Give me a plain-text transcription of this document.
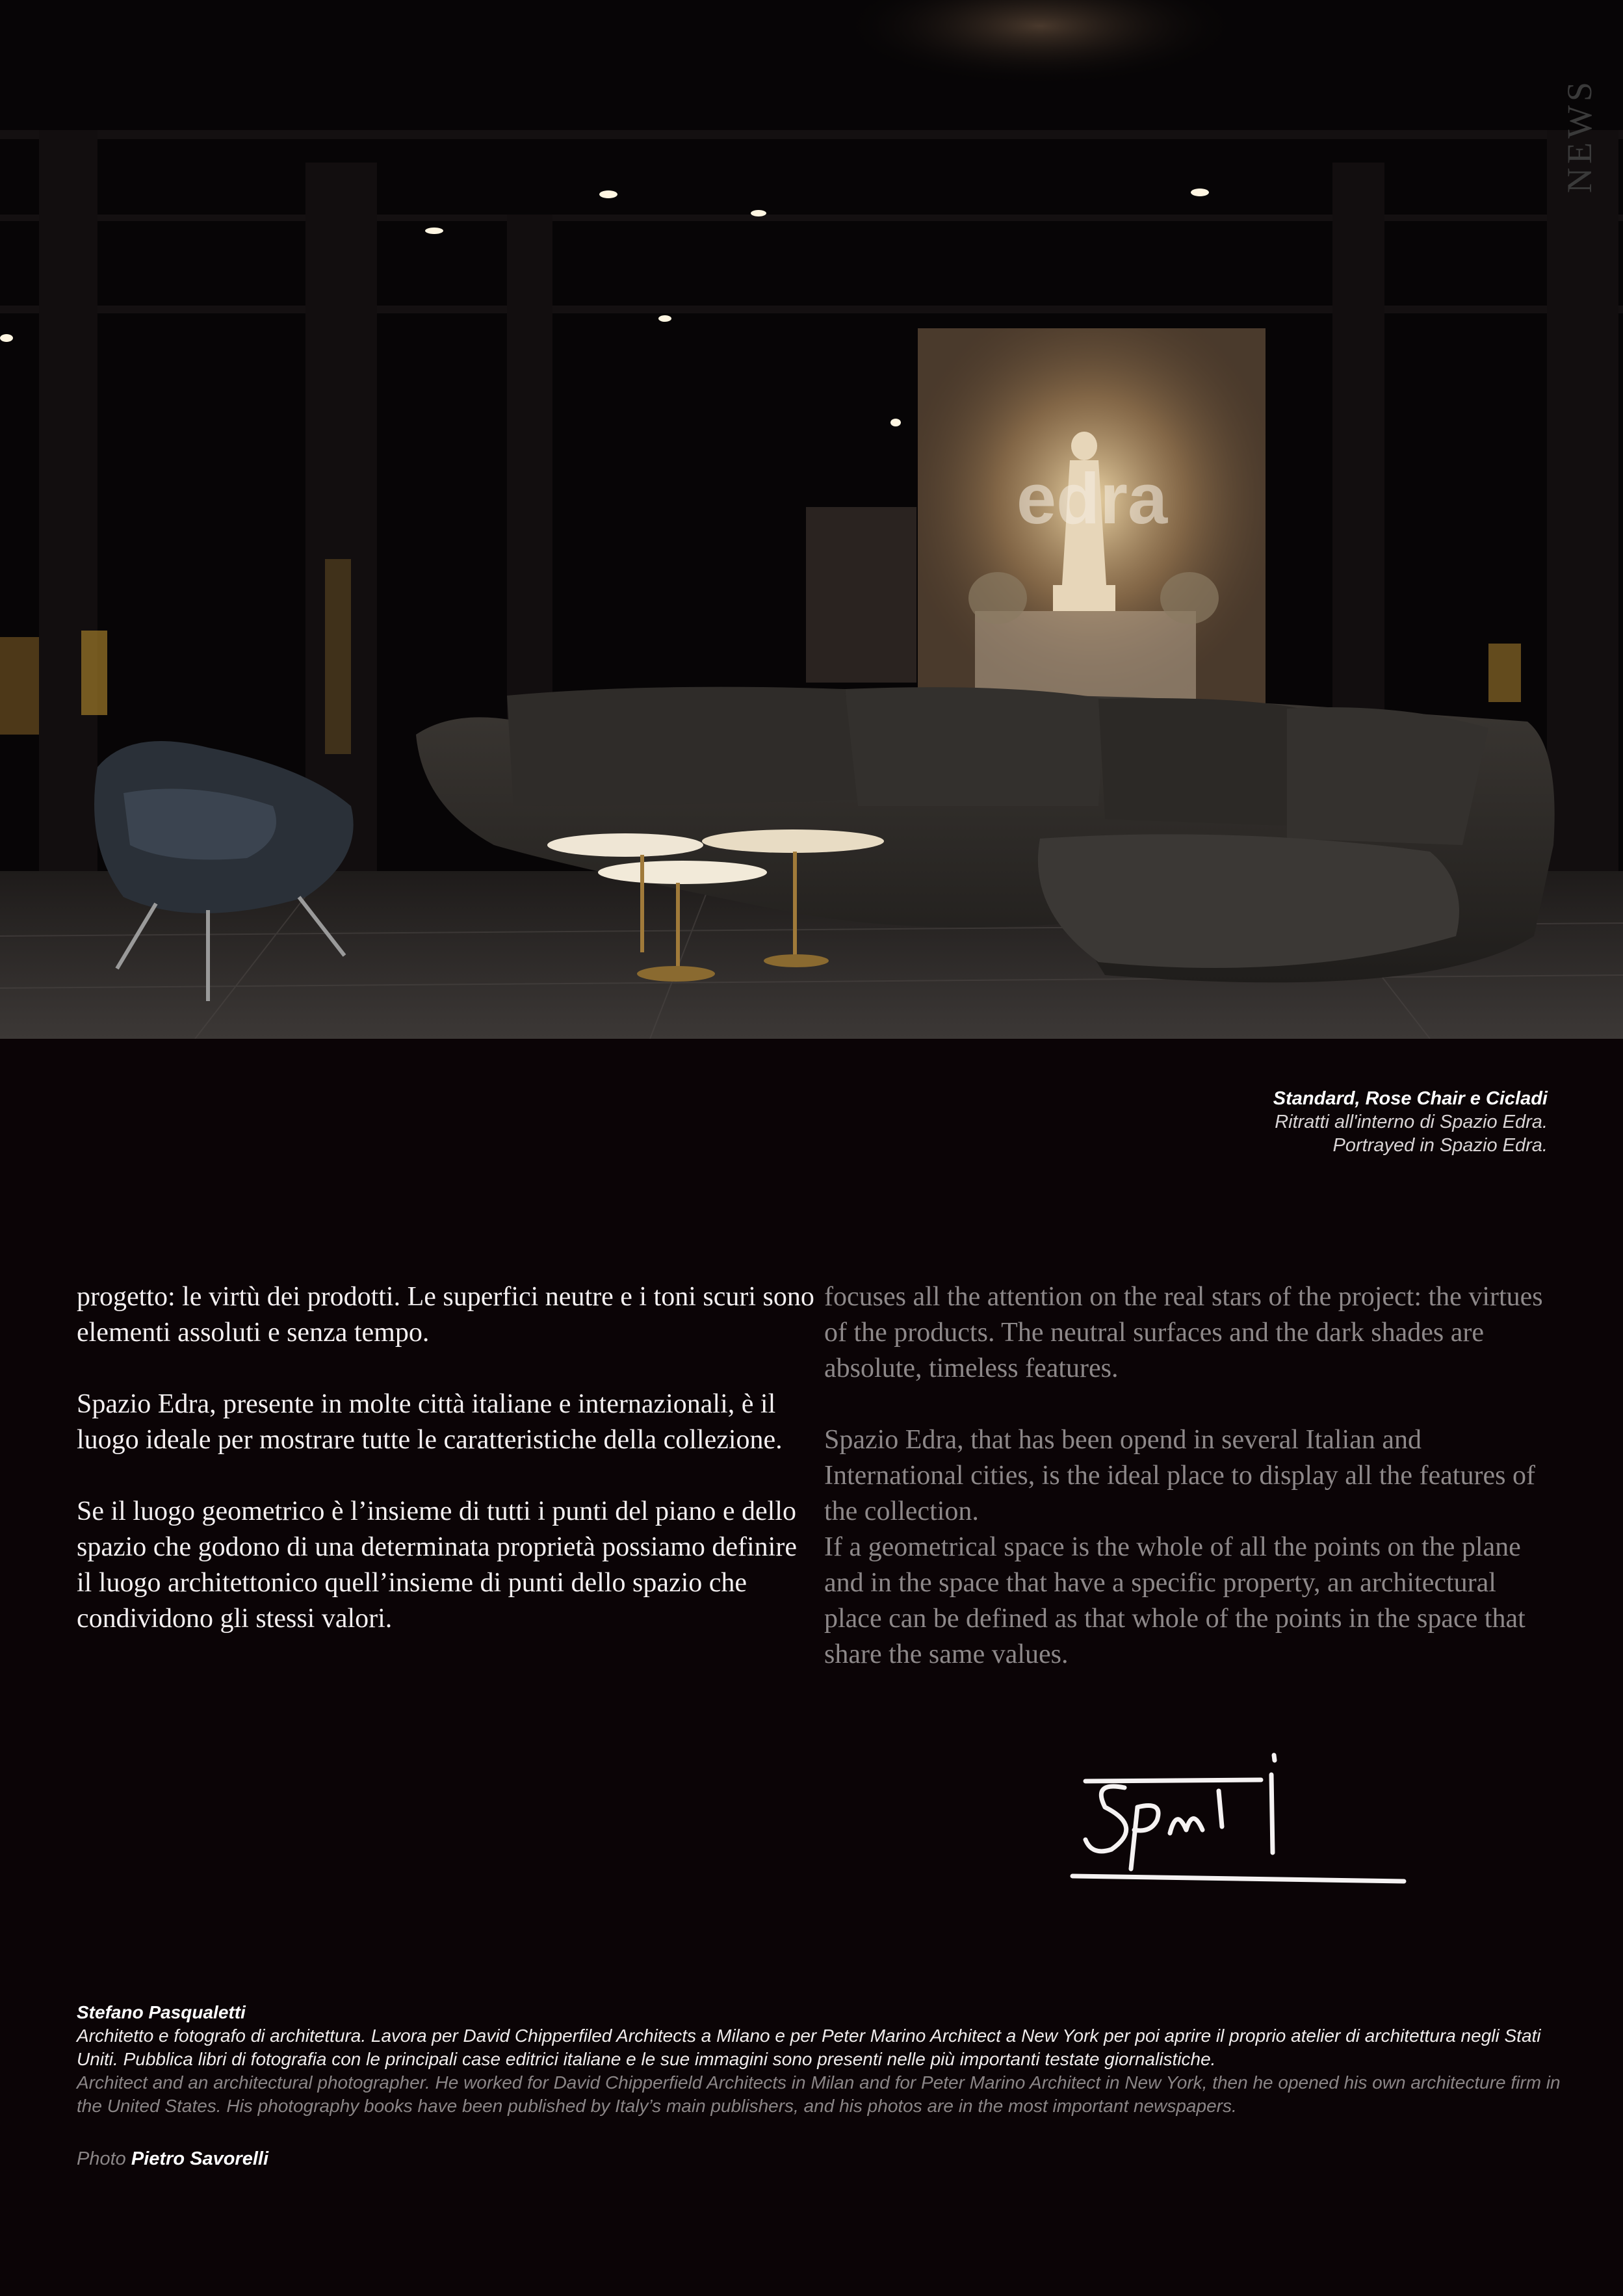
edra
NEWS
Standard, Rose Chair e Cicladi
Ritratti all'interno di Spazio Edra.
Portrayed in Spazio Edra.

progetto: le virtù dei prodotti. Le superfici neutre e i toni scuri sono elementi assoluti e senza tempo.

Spazio Edra, presente in molte città italiane e internazionali, è il luogo ideale per mostrare tutte le caratteristiche della collezione.

Se il luogo geometrico è l’insieme di tutti i punti del piano e dello spazio che godono di una determinata proprietà possiamo definire il luogo architettonico quell’insieme di punti dello spazio che condividono gli stessi valori.

focuses all the attention on the real stars of the project: the virtues of the products. The neutral surfaces and the dark shades are absolute, timeless features.

Spazio Edra, that has been opend in several Italian and International cities, is the ideal place to display all the features of the collection.

If a geometrical space is the whole of all the points on the plane and in the space that have a specific property, an architectural place can be defined as that whole of the points in the space that share the same values.

Stefano Pasqualetti
Architetto e fotografo di architettura. Lavora per David Chipperfiled Architects a Milano e per Peter Marino Architect a New York per poi aprire il proprio atelier di architettura negli Stati Uniti. Pubblica libri di fotografia con le principali case editrici italiane e le sue immagini sono presenti nelle più importanti testate giornalistiche.
Architect and an architectural photographer. He worked for David Chipperfield Architects in Milan and for Peter Marino Architect in New York, then he opened his own architecture firm in the United States. His photography books have been published by Italy’s main publishers, and his photos are in the most important newspapers.
Photo Pietro Savorelli
